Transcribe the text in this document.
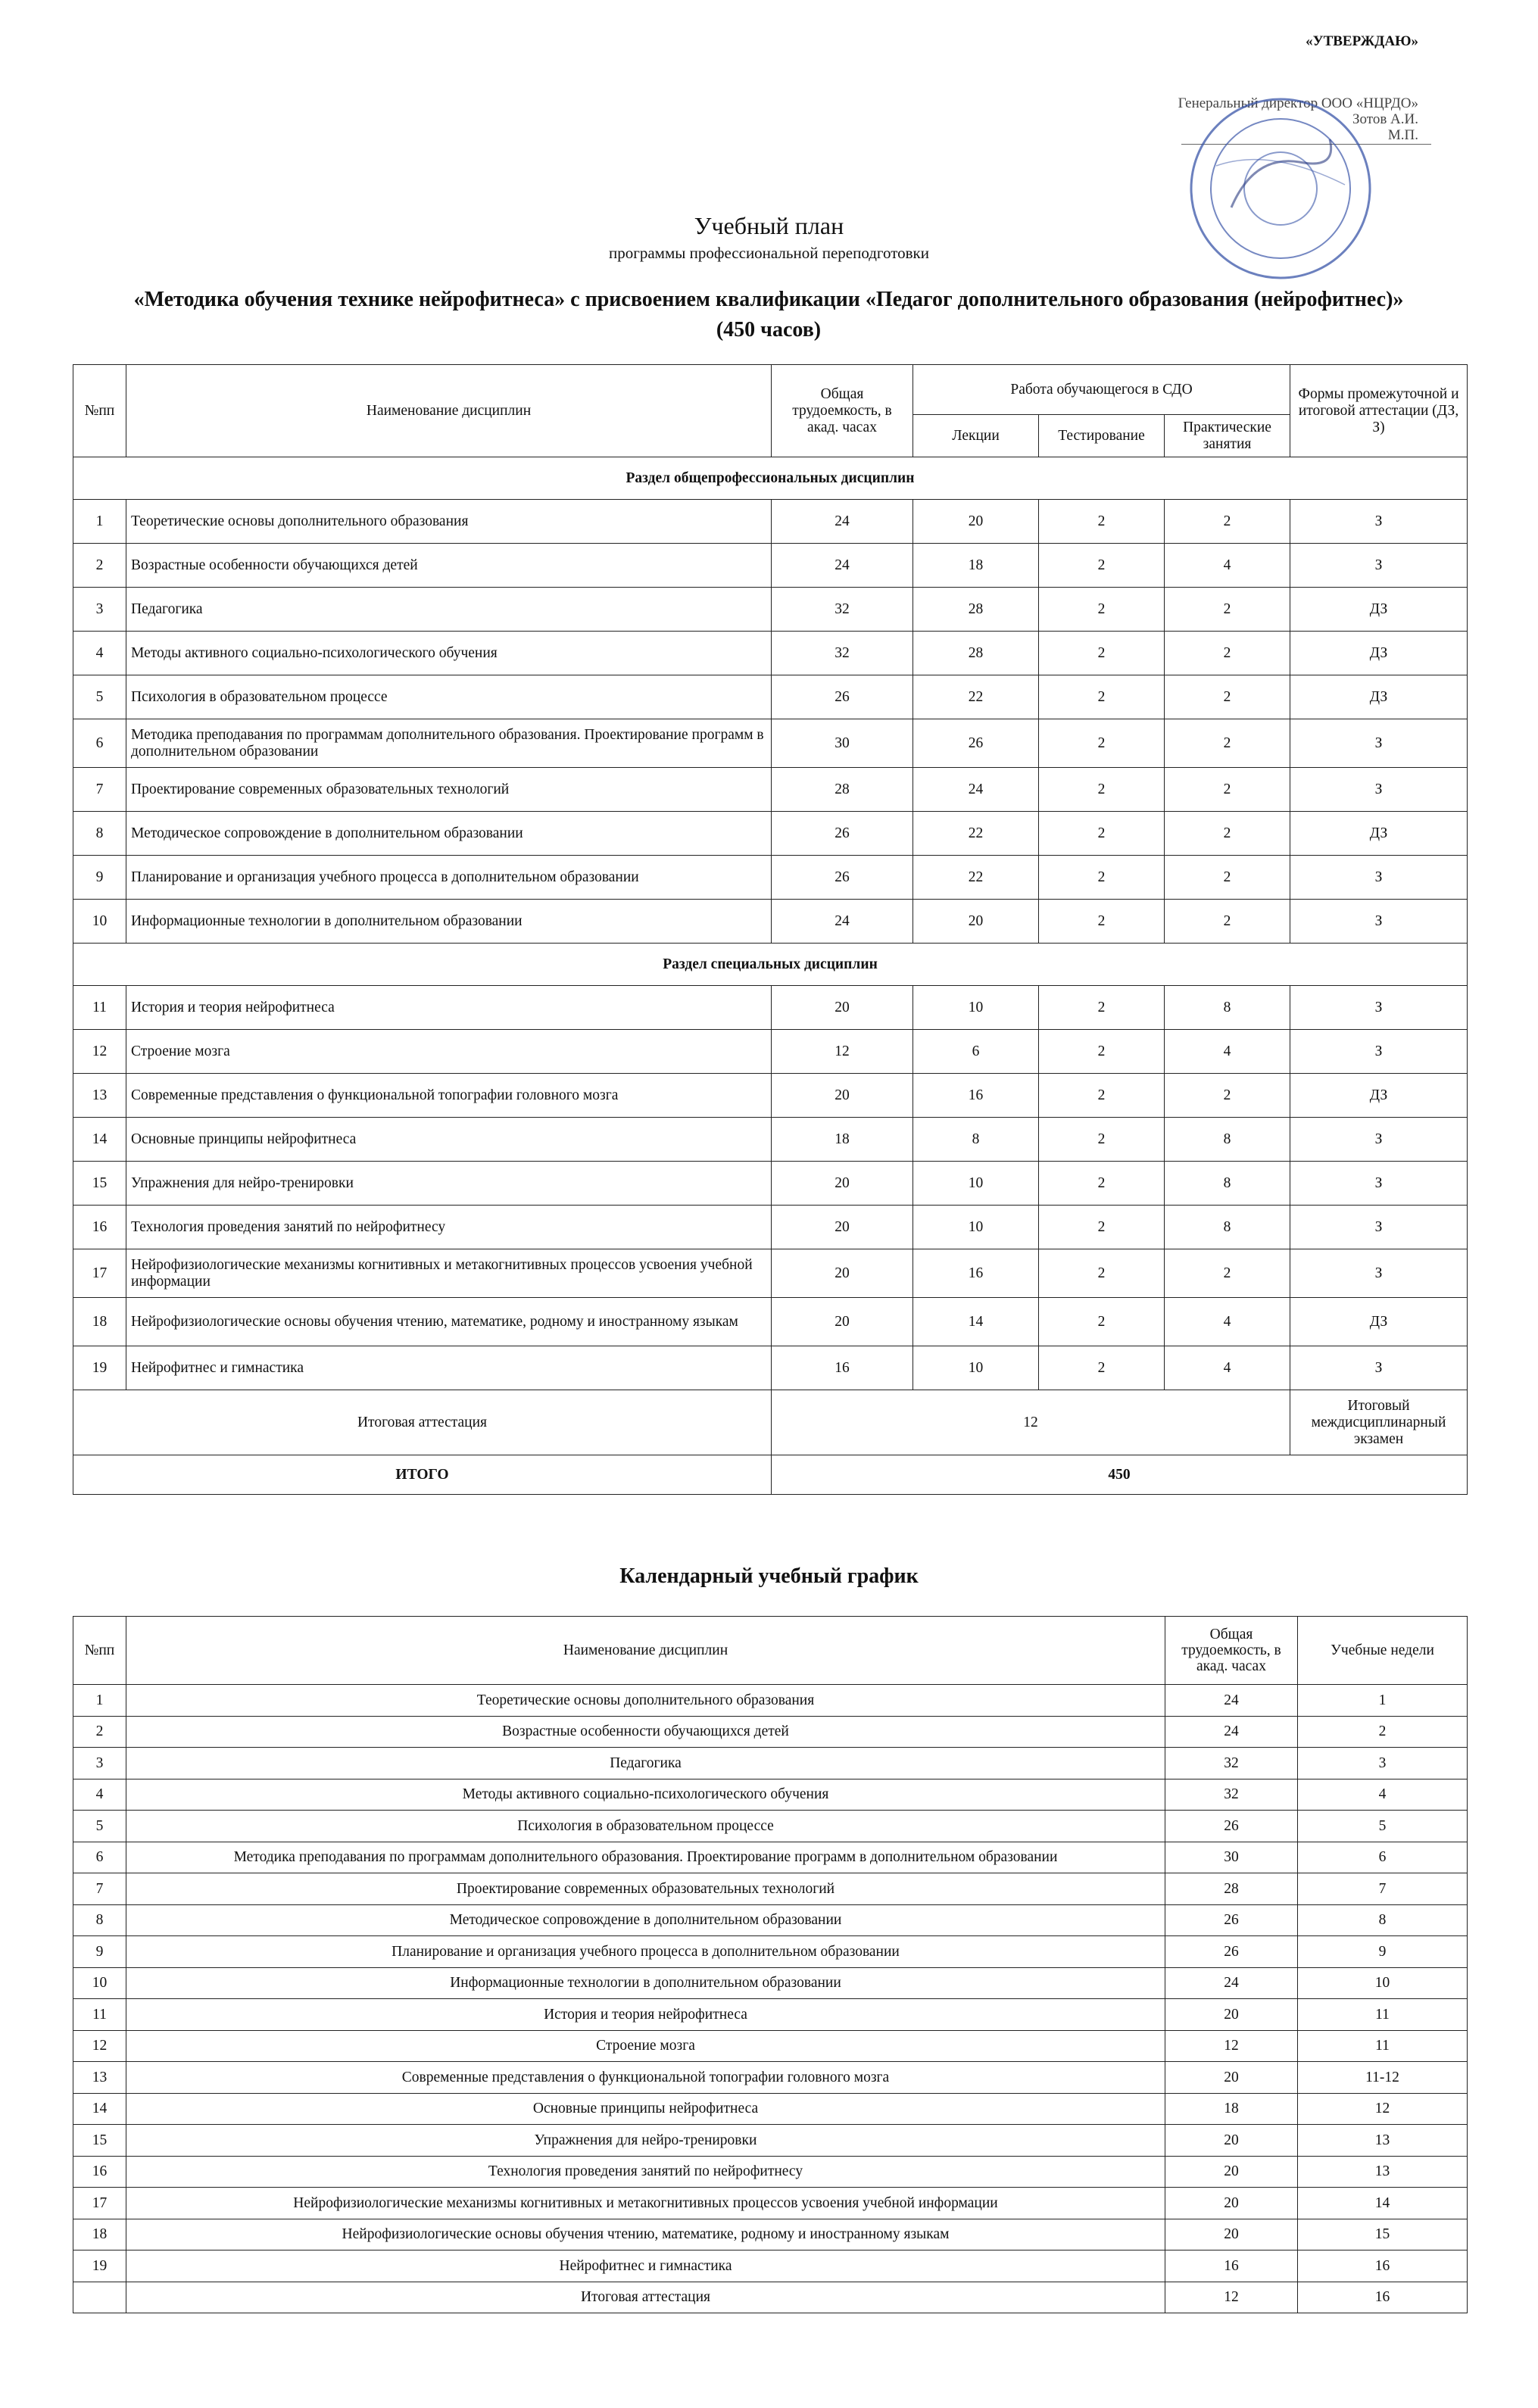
«УТВЕРЖДАЮ»
Генеральный директор ООО «НЦРДО»
Зотов А.И.
М.П.
Учебный план
программы профессиональной переподготовки
«Методика обучения технике нейрофитнеса» с присвоением квалификации «Педагог дополнительного образования (нейрофитнес)»
(450 часов)
№пп	Наименование дисциплин	Общая трудоемкость, в акад. часах	Работа обучающегося в СДО			Формы промежуточной и итоговой аттестации (ДЗ, З)
			Лекции	Тестирование	Практические занятия	
Раздел общепрофессиональных дисциплин						
1	Теоретические основы дополнительного образования	24	20	2	2	З
2	Возрастные особенности обучающихся детей	24	18	2	4	З
3	Педагогика	32	28	2	2	ДЗ
4	Методы активного социально-психологического обучения	32	28	2	2	ДЗ
5	Психология в образовательном процессе	26	22	2	2	ДЗ
6	Методика преподавания по программам дополнительного образования. Проектирование программ в дополнительном образовании	30	26	2	2	З
7	Проектирование современных образовательных технологий	28	24	2	2	З
8	Методическое сопровождение в дополнительном образовании	26	22	2	2	ДЗ
9	Планирование и организация учебного процесса в дополнительном образовании	26	22	2	2	З
10	Информационные технологии в дополнительном образовании	24	20	2	2	З
Раздел специальных дисциплин						
11	История и теория нейрофитнеса	20	10	2	8	З
12	Строение мозга	12	6	2	4	З
13	Современные представления о функциональной топографии головного мозга	20	16	2	2	ДЗ
14	Основные принципы нейрофитнеса	18	8	2	8	З
15	Упражнения для нейро-тренировки	20	10	2	8	З
16	Технология проведения занятий по нейрофитнесу	20	10	2	8	З
17	Нейрофизиологические механизмы когнитивных и метакогнитивных процессов усвоения учебной информации	20	16	2	2	З
18	Нейрофизиологические основы обучения чтению, математике, родному и иностранному языкам	20	14	2	4	ДЗ
19	Нейрофитнес и гимнастика	16	10	2	4	З
Итоговая аттестация		12				Итоговый междисциплинарный экзамен
ИТОГО		450				
Календарный учебный график
№пп	Наименование дисциплин	Общая трудоемкость, в акад. часах	Учебные недели
1	Теоретические основы дополнительного образования	24	1
2	Возрастные особенности обучающихся детей	24	2
3	Педагогика	32	3
4	Методы активного социально-психологического обучения	32	4
5	Психология в образовательном процессе	26	5
6	Методика преподавания по программам дополнительного образования. Проектирование программ в дополнительном образовании	30	6
7	Проектирование современных образовательных технологий	28	7
8	Методическое сопровождение в дополнительном образовании	26	8
9	Планирование и организация учебного процесса в дополнительном образовании	26	9
10	Информационные технологии в дополнительном образовании	24	10
11	История и теория нейрофитнеса	20	11
12	Строение мозга	12	11
13	Современные представления о функциональной топографии головного мозга	20	11-12
14	Основные принципы нейрофитнеса	18	12
15	Упражнения для нейро-тренировки	20	13
16	Технология проведения занятий по нейрофитнесу	20	13
17	Нейрофизиологические механизмы когнитивных и метакогнитивных процессов усвоения учебной информации	20	14
18	Нейрофизиологические основы обучения чтению, математике, родному и иностранному языкам	20	15
19	Нейрофитнес и гимнастика	16	16
	Итоговая аттестация	12	16
